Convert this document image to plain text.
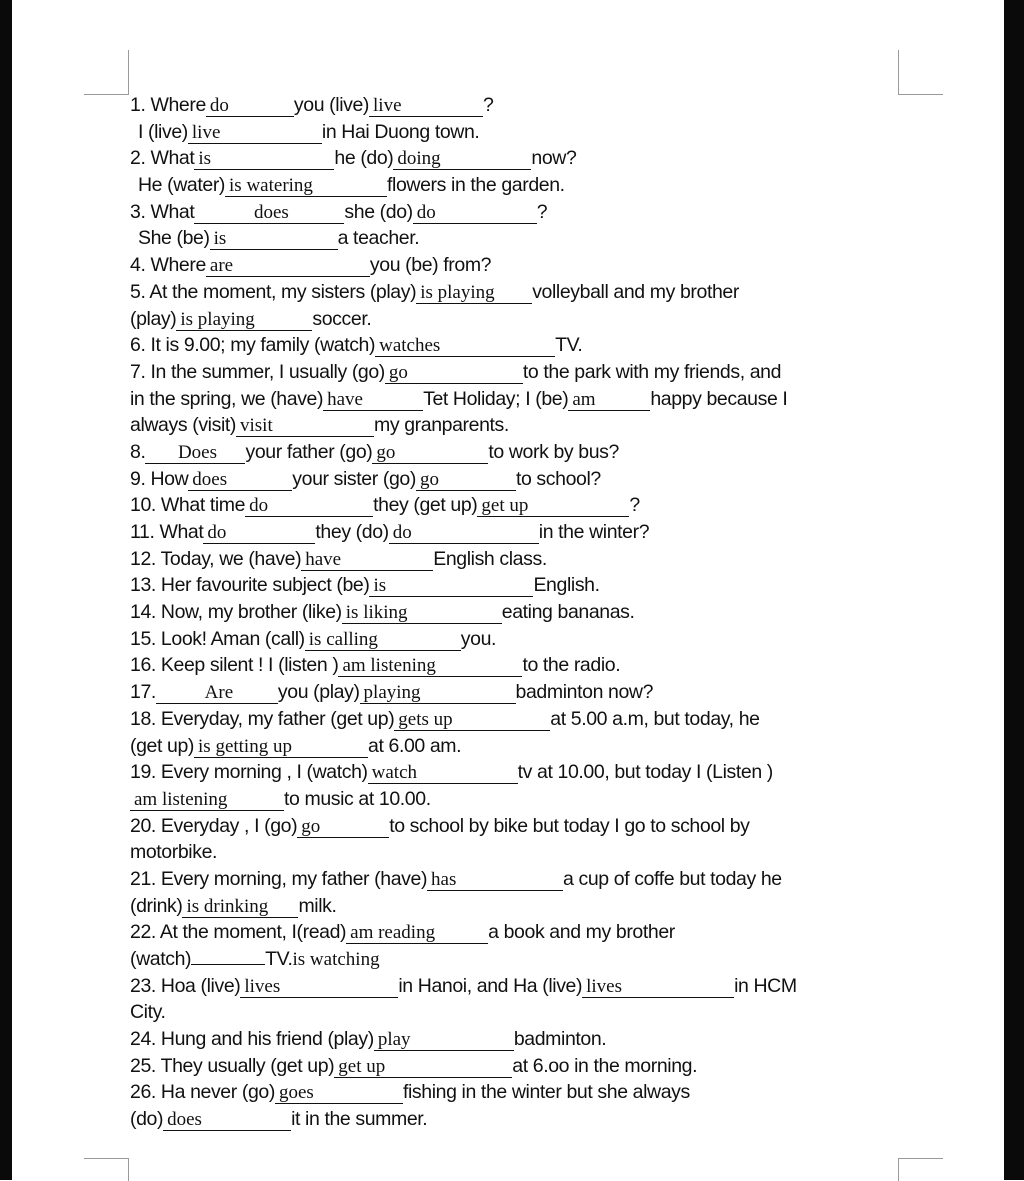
1. Where do	you (live) live	?
I (live) live	in Hai Duong town.
2. What is	he (do) doing	now?
He (water) is watering	flowers in the garden.
3. What	does	she (do) do	?
She (be) is	a teacher.
4. Where are	you (be) from?
5. At the moment, my sisters (play) is playing volleyball and my brother
(play) is playing	soccer.
6. It is 9.00; my family (watch) watches	TV.
7. In the summer, I usually (go) go	to the park with my friends, and
in the spring, we (have) have	Tet Holiday; I (be) am	happy because I
always (visit) visit	my granparents.
8. Does your father (go) go	to work by bus?
9. How does	your sister (go) go	to school?
10. What time do	they (get up) get up	?
11. What do	they (do) do	in the winter?
12. Today, we (have) have	English class.
13. Her favourite subject (be) is	English.
14. Now, my brother (like) is liking	eating bananas.
15. Look! Aman (call) is calling	you.
16. Keep silent ! I (listen ) am listening	to the radio.
17.	Are you (play) playing	badminton now?
18. Everyday, my father (get up) gets up	at 5.00 a.m, but today, he
(get up) is getting up	at 6.00 am.
19. Every morning , I (watch) watch	tv at 10.00, but today I (Listen )
am listening	to music at 10.00.
20. Everyday , I (go) go	to school by bike but today I go to school by
motorbike.
21. Every morning, my father (have) has	a cup of coffe but today he
(drink) is drinking milk.
22. At the moment, I(read) am reading	a book and my brother
(watch)	TV.is watching
23. Hoa (live) lives	in Hanoi, and Ha (live) lives	in HCM
City.
24. Hung and his friend (play) play	badminton.
25. They usually (get up) get up	at 6.oo in the morning.
26. Ha never (go) goes	fishing in the winter but she always
(do) does	it in the summer.
